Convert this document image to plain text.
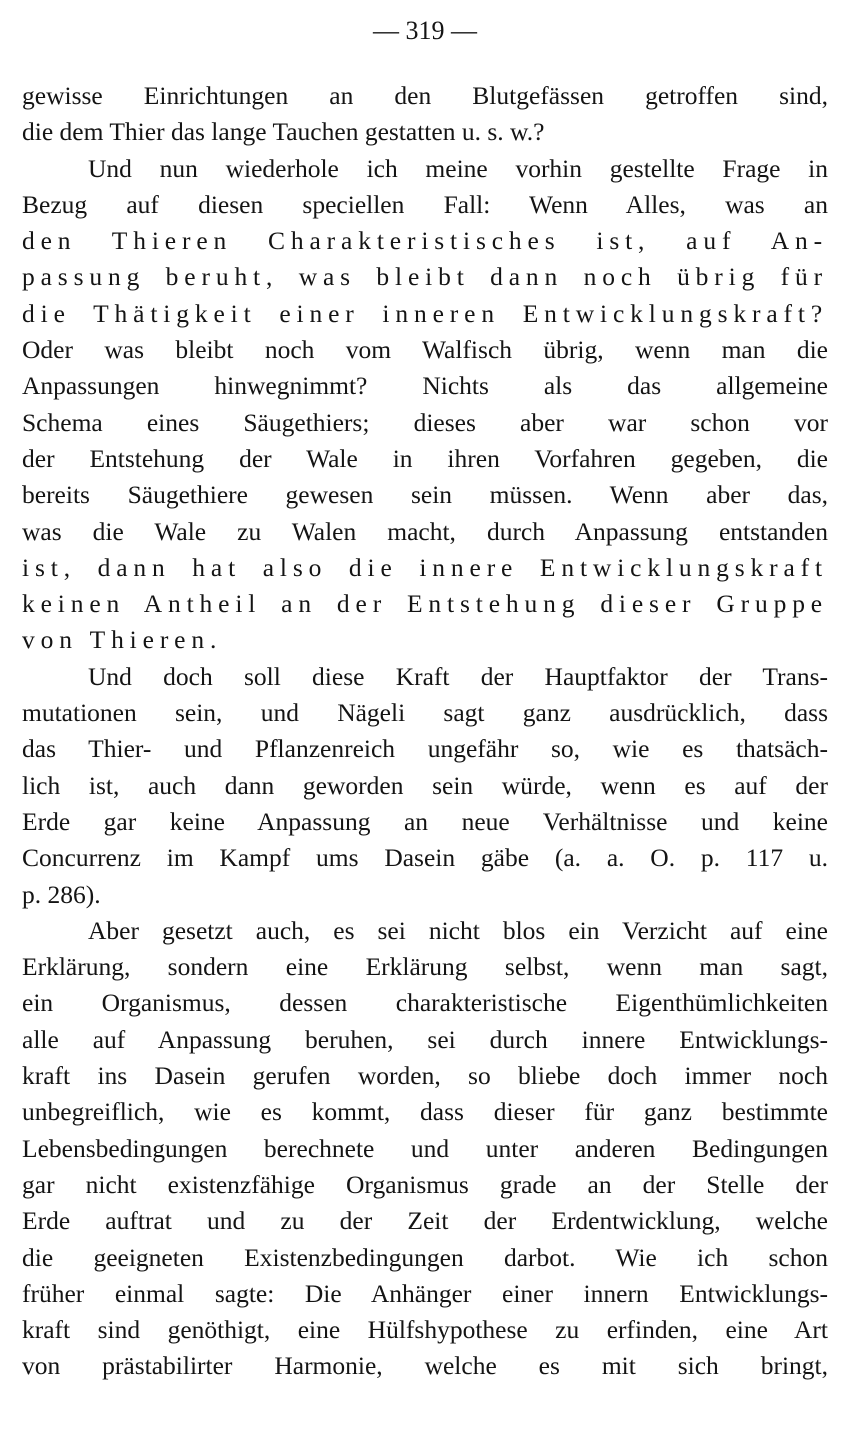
— 319 —
gewisse Einrichtungen an den Blutgefässen getroffen sind,
die dem Thier das lange Tauchen gestatten u. s. w.?
Und nun wiederhole ich meine vorhin gestellte Frage in
Bezug auf diesen speciellen Fall: Wenn Alles, was an
den Thieren Charakteristisches ist, auf An-
passung beruht, was bleibt dann noch übrig für
die Thätigkeit einer inneren Entwicklungskraft?
Oder was bleibt noch vom Walfisch übrig, wenn man die
Anpassungen hinwegnimmt? Nichts als das allgemeine
Schema eines Säugethiers; dieses aber war schon vor
der Entstehung der Wale in ihren Vorfahren gegeben, die
bereits Säugethiere gewesen sein müssen. Wenn aber das,
was die Wale zu Walen macht, durch Anpassung entstanden
ist, dann hat also die innere Entwicklungskraft
keinen Antheil an der Entstehung dieser Gruppe
von Thieren.
Und doch soll diese Kraft der Hauptfaktor der Trans-
mutationen sein, und Nägeli sagt ganz ausdrücklich, dass
das Thier- und Pflanzenreich ungefähr so, wie es thatsäch-
lich ist, auch dann geworden sein würde, wenn es auf der
Erde gar keine Anpassung an neue Verhältnisse und keine
Concurrenz im Kampf ums Dasein gäbe (a. a. O. p. 117 u.
p. 286).
Aber gesetzt auch, es sei nicht blos ein Verzicht auf eine
Erklärung, sondern eine Erklärung selbst, wenn man sagt,
ein Organismus, dessen charakteristische Eigenthümlichkeiten
alle auf Anpassung beruhen, sei durch innere Entwicklungs-
kraft ins Dasein gerufen worden, so bliebe doch immer noch
unbegreiflich, wie es kommt, dass dieser für ganz bestimmte
Lebensbedingungen berechnete und unter anderen Bedingungen
gar nicht existenzfähige Organismus grade an der Stelle der
Erde auftrat und zu der Zeit der Erdentwicklung, welche
die geeigneten Existenzbedingungen darbot. Wie ich schon
früher einmal sagte: Die Anhänger einer innern Entwicklungs-
kraft sind genöthigt, eine Hülfshypothese zu erfinden, eine Art
von prästabilirter Harmonie, welche es mit sich bringt,
